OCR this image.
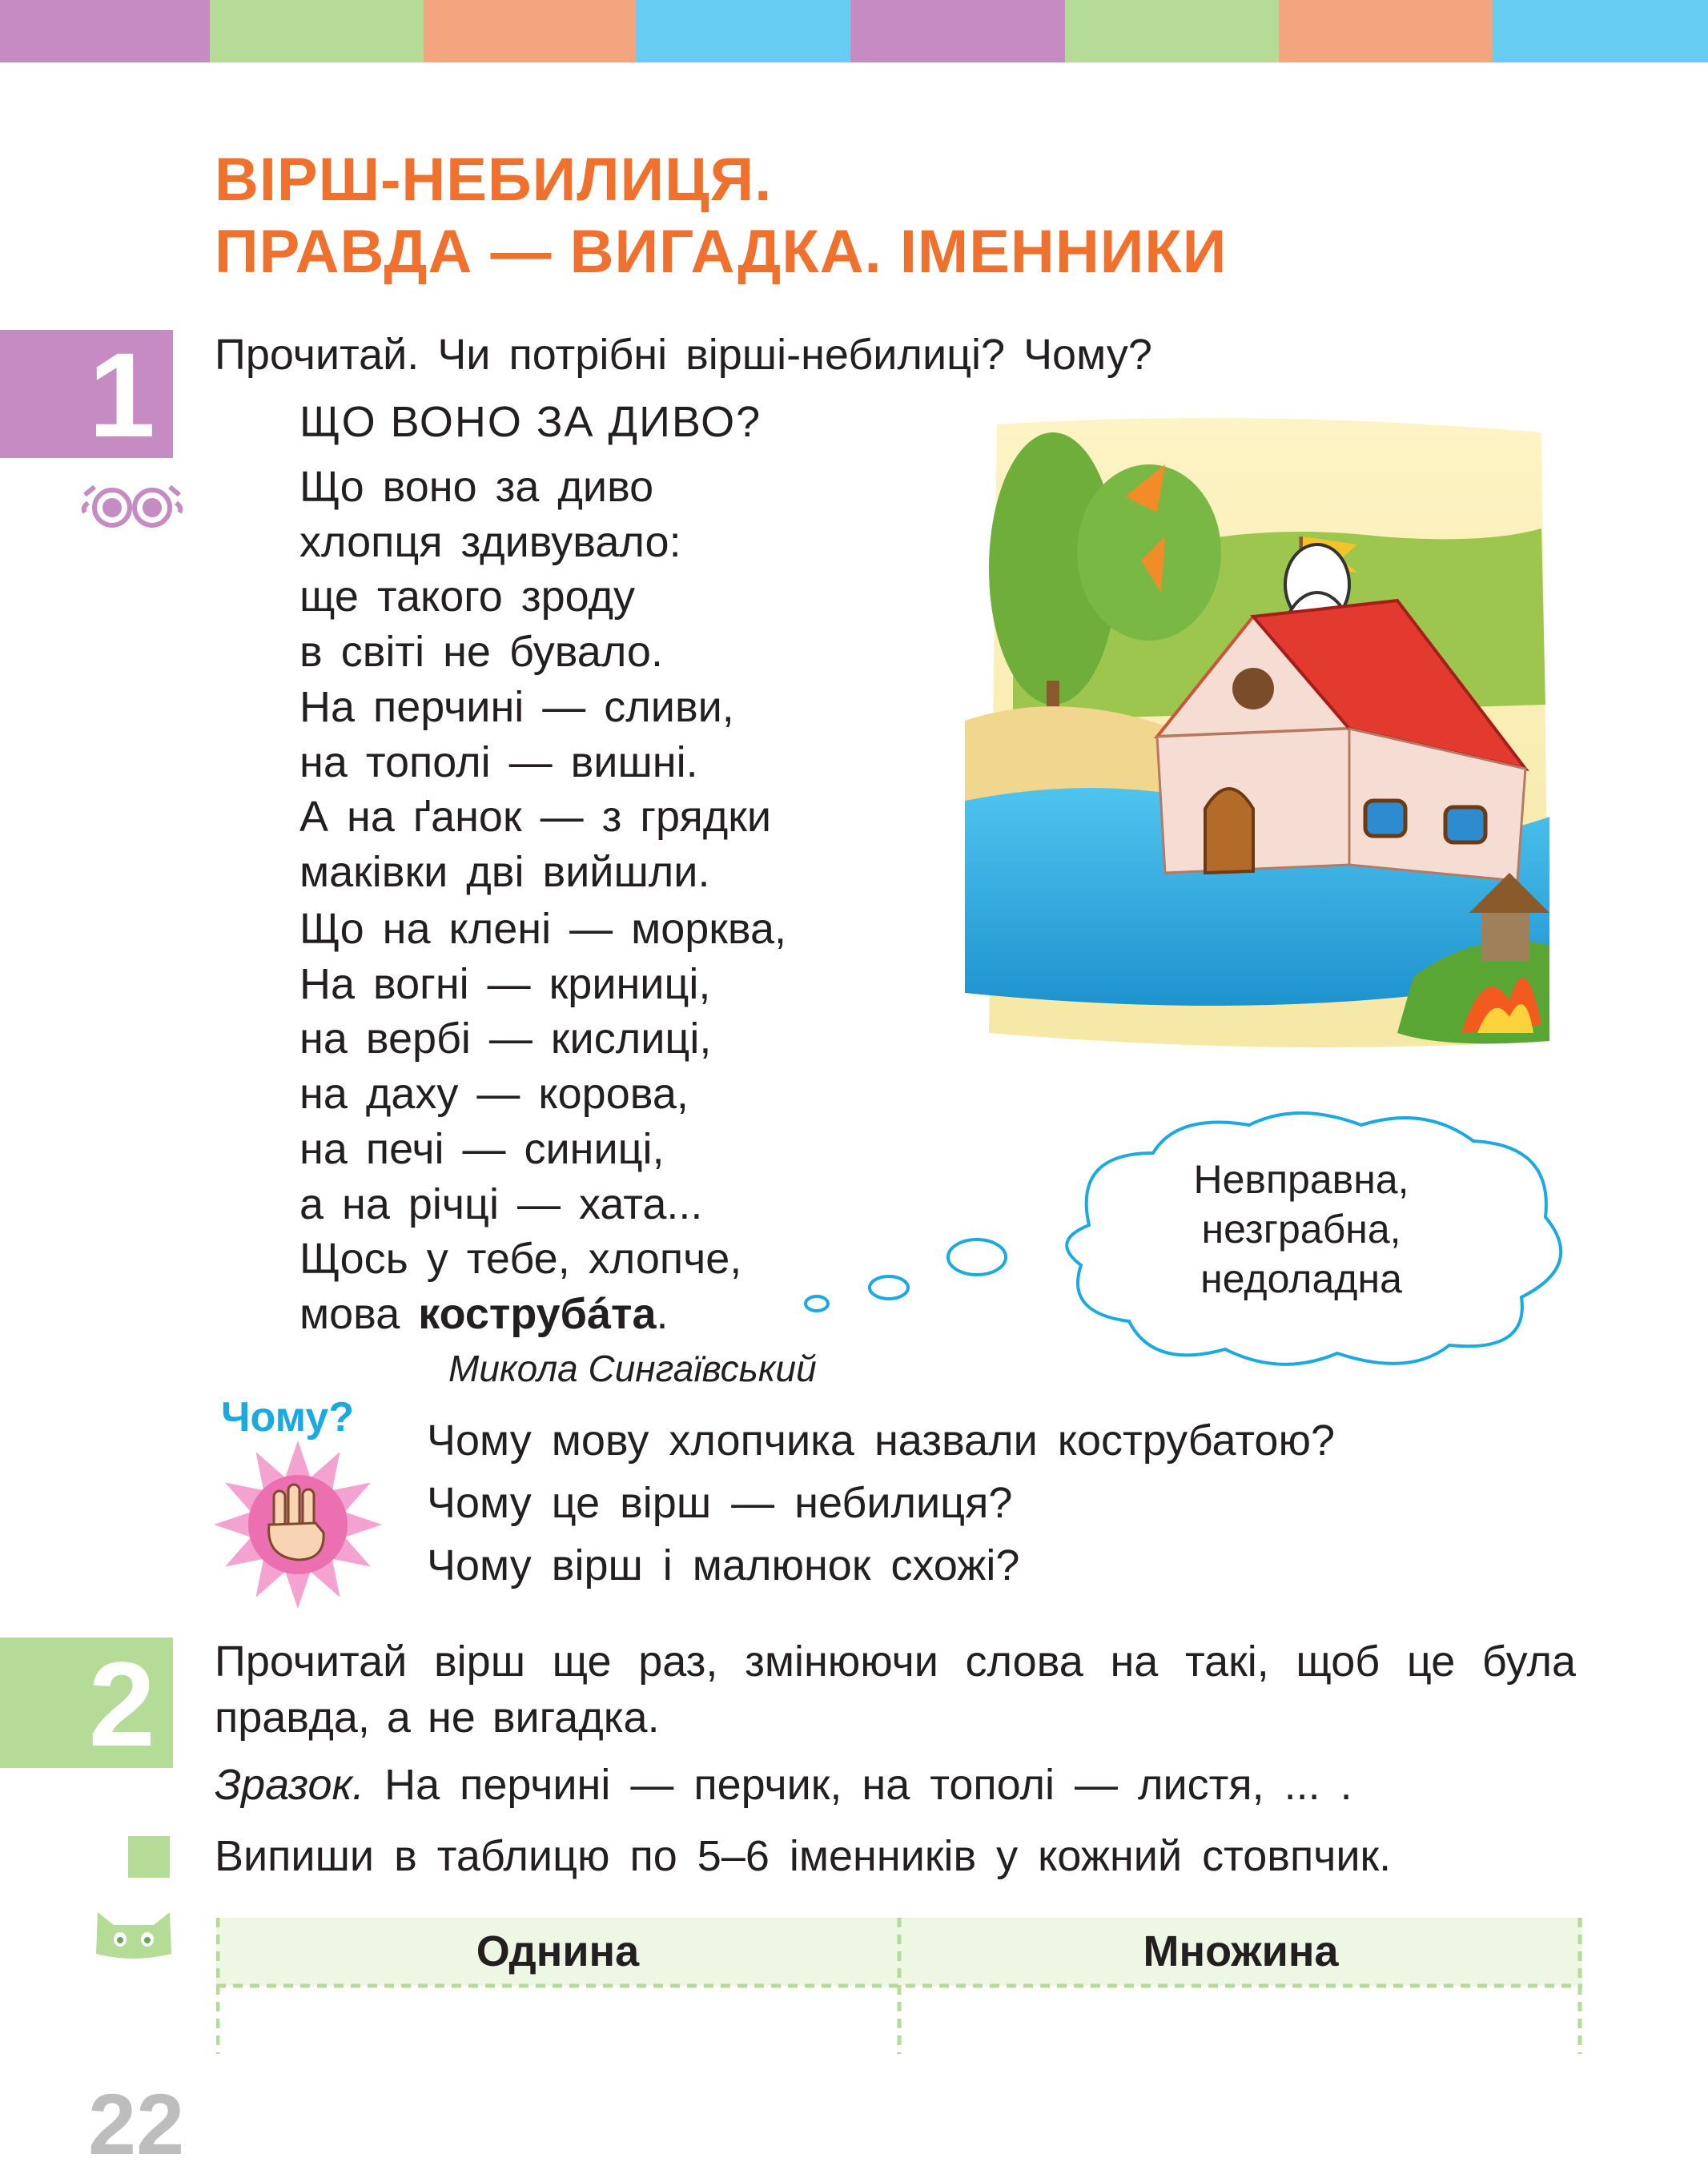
ВІРШ-НЕБИЛИЦЯ.
ПРАВДА — ВИГАДКА. ІМЕННИКИ
1	Прочитай. Чи потрібні вірші-небилиці? Чому?
ЩО ВОНО ЗА ДИВО?
Що воно за диво
хлопця здивувало:
ще такого зроду
в світі не бувало.
На перчині — сливи,
на тополі — вишні.
А на ґанок — з грядки
маківки дві вийшли.
Що на клені — морква,
На вогні — криниці,
на вербі — кислиці,
на даху — корова,
на печі — синиці,
а на річці — хата...
Щось у тебе, хлопче,
мова кострубáта.
Микола Сингаївський
Невправна,
незграбна,
недоладна
Чому? Чому мову хлопчика назвали кострубатою?
Чому це вірш — небилиця?
Чому вірш і малюнок схожі?
2	Прочитай вірш ще раз, змінюючи слова на такі, щоб це була правда, а не вигадка.
Зразок. На перчині — перчик, на тополі — листя, ... .
Випиши в таблицю по 5–6 іменників у кожний стовпчик.
Однина	Множина
22
